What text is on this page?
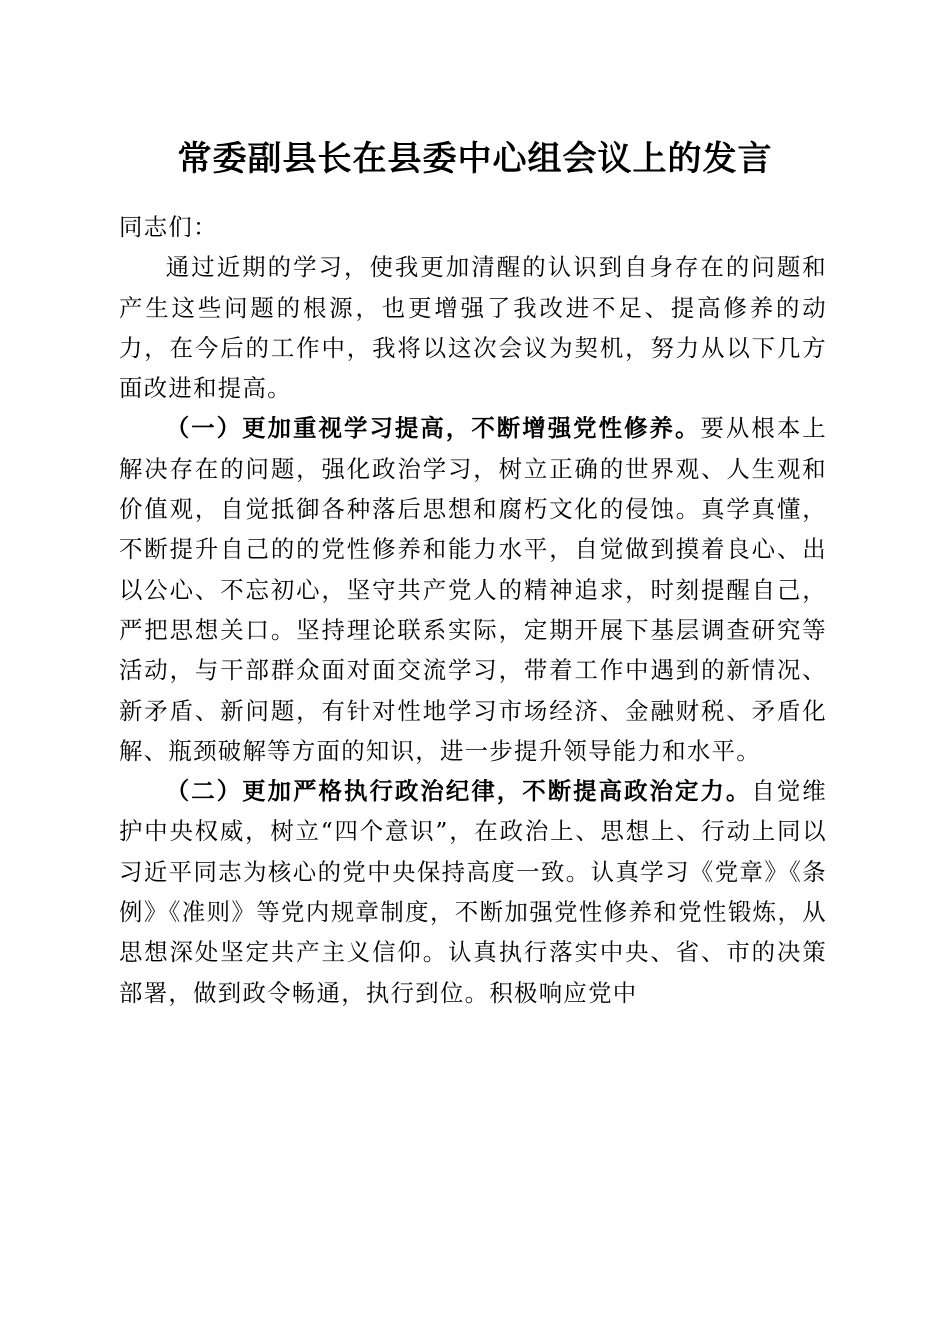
常委副县长在县委中心组会议上的发言

同志们：

通过近期的学习，使我更加清醒的认识到自身存在的问题和产生这些问题的根源，也更增强了我改进不足、提高修养的动力，在今后的工作中，我将以这次会议为契机，努力从以下几方面改进和提高。

（一）更加重视学习提高，不断增强党性修养。要从根本上解决存在的问题，强化政治学习，树立正确的世界观、人生观和价值观，自觉抵御各种落后思想和腐朽文化的侵蚀。真学真懂，不断提升自己的的党性修养和能力水平，自觉做到摸着良心、出以公心、不忘初心，坚守共产党人的精神追求，时刻提醒自己，严把思想关口。坚持理论联系实际，定期开展下基层调查研究等活动，与干部群众面对面交流学习，带着工作中遇到的新情况、新矛盾、新问题，有针对性地学习市场经济、金融财税、矛盾化解、瓶颈破解等方面的知识，进一步提升领导能力和水平。

（二）更加严格执行政治纪律，不断提高政治定力。自觉维护中央权威，树立“四个意识”，在政治上、思想上、行动上同以习近平同志为核心的党中央保持高度一致。认真学习《党章》《条例》《准则》等党内规章制度，不断加强党性修养和党性锻炼，从思想深处坚定共产主义信仰。认真执行落实中央、省、市的决策部署，做到政令畅通，执行到位。积极响应党中
